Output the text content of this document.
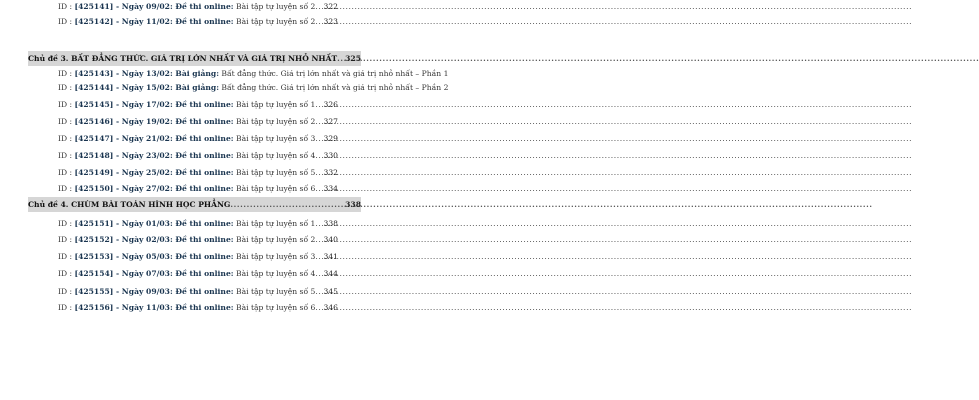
ID : [425141] - Ngày 09/02: Đề thi online: Bài tập tự luyện số 2 ..... 322
ID : [425142] - Ngày 11/02: Đề thi online: Bài tập tự luyện số 2 ..... 323
Chủ đề 3. BẤT ĐẲNG THỨC. GIÁ TRỊ LỚN NHẤT VÀ GIÁ TRỊ NHỎ NHẤT ..... 325
ID : [425143] - Ngày 13/02: Bài giảng: Bất đẳng thức. Giá trị lớn nhất và giá trị nhỏ nhất – Phần 1
ID : [425144] - Ngày 15/02: Bài giảng: Bất đẳng thức. Giá trị lớn nhất và giá trị nhỏ nhất – Phần 2
ID : [425145] - Ngày 17/02: Đề thi online: Bài tập tự luyện số 1 ..... 326
ID : [425146] - Ngày 19/02: Đề thi online: Bài tập tự luyện số 2 ..... 327
ID : [425147] - Ngày 21/02: Đề thi online: Bài tập tự luyện số 3 ..... 329
ID : [425148] - Ngày 23/02: Đề thi online: Bài tập tự luyện số 4 ..... 330
ID : [425149] - Ngày 25/02: Đề thi online: Bài tập tự luyện số 5 ..... 332
ID : [425150] - Ngày 27/02: Đề thi online: Bài tập tự luyện số 6 ..... 334
Chủ đề 4. CHÙM BÀI TOÁN HÌNH HỌC PHẲNG .....	338
ID : [425151] - Ngày 01/03: Đề thi online: Bài tập tự luyện số 1 ..... 338
ID : [425152] - Ngày 02/03: Đề thi online: Bài tập tự luyện số 2 ..... 340
ID : [425153] - Ngày 05/03: Đề thi online: Bài tập tự luyện số 3 ..... 341
ID : [425154] - Ngày 07/03: Đề thi online: Bài tập tự luyện số 4 ..... 344
ID : [425155] - Ngày 09/03: Đề thi online: Bài tập tự luyện số 5 ..... 345
ID : [425156] - Ngày 11/03: Đề thi online: Bài tập tự luyện số 6 ..... 346
